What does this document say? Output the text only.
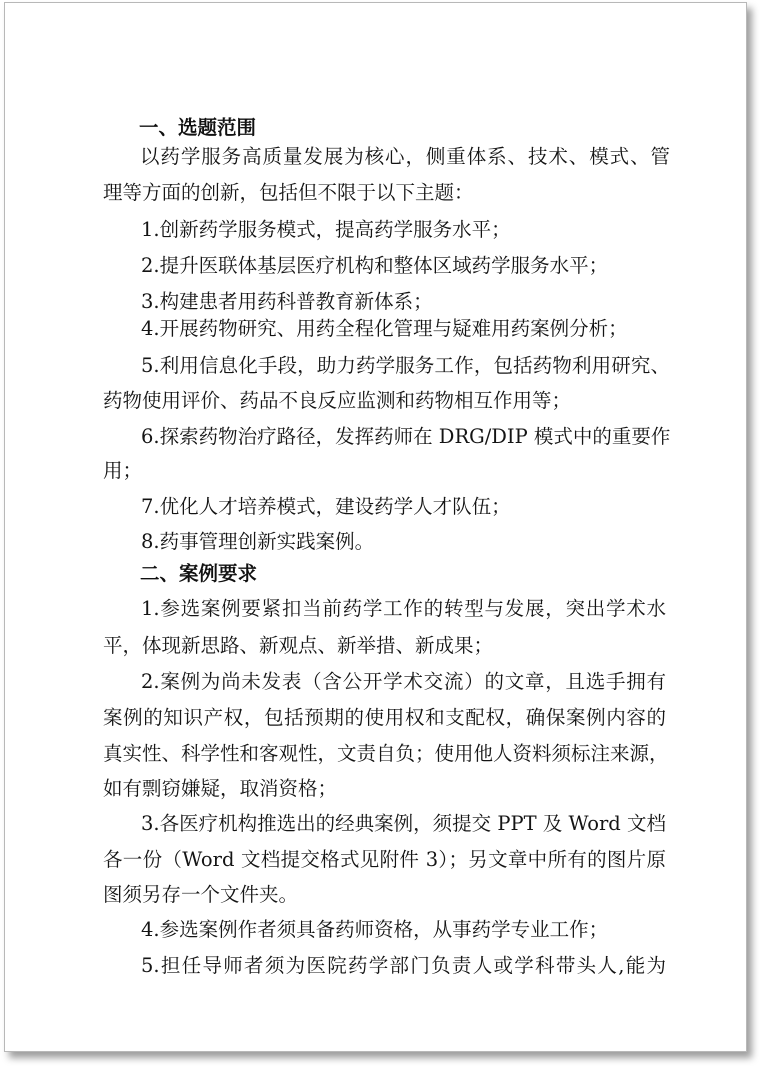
一、选题范围
以药学服务高质量发展为核心，侧重体系、技术、模式、管
理等方面的创新，包括但不限于以下主题：
1.创新药学服务模式，提高药学服务水平；
2.提升医联体基层医疗机构和整体区域药学服务水平；
3.构建患者用药科普教育新体系；
4.开展药物研究、用药全程化管理与疑难用药案例分析；
5.利用信息化手段，助力药学服务工作，包括药物利用研究、
药物使用评价、药品不良反应监测和药物相互作用等；
6.探索药物治疗路径，发挥药师在 DRG/DIP 模式中的重要作
用；
7.优化人才培养模式，建设药学人才队伍；
8.药事管理创新实践案例。
二、案例要求
1.参选案例要紧扣当前药学工作的转型与发展，突出学术水
平，体现新思路、新观点、新举措、新成果；
2.案例为尚未发表（含公开学术交流）的文章，且选手拥有
案例的知识产权，包括预期的使用权和支配权，确保案例内容的
真实性、科学性和客观性，文责自负；使用他人资料须标注来源，
如有剽窃嫌疑，取消资格；
3.各医疗机构推选出的经典案例，须提交 PPT 及 Word 文档
各一份（Word 文档提交格式见附件 3）；另文章中所有的图片原
图须另存一个文件夹。
4.参选案例作者须具备药师资格，从事药学专业工作；
5.担任导师者须为医院药学部门负责人或学科带头人,能为
